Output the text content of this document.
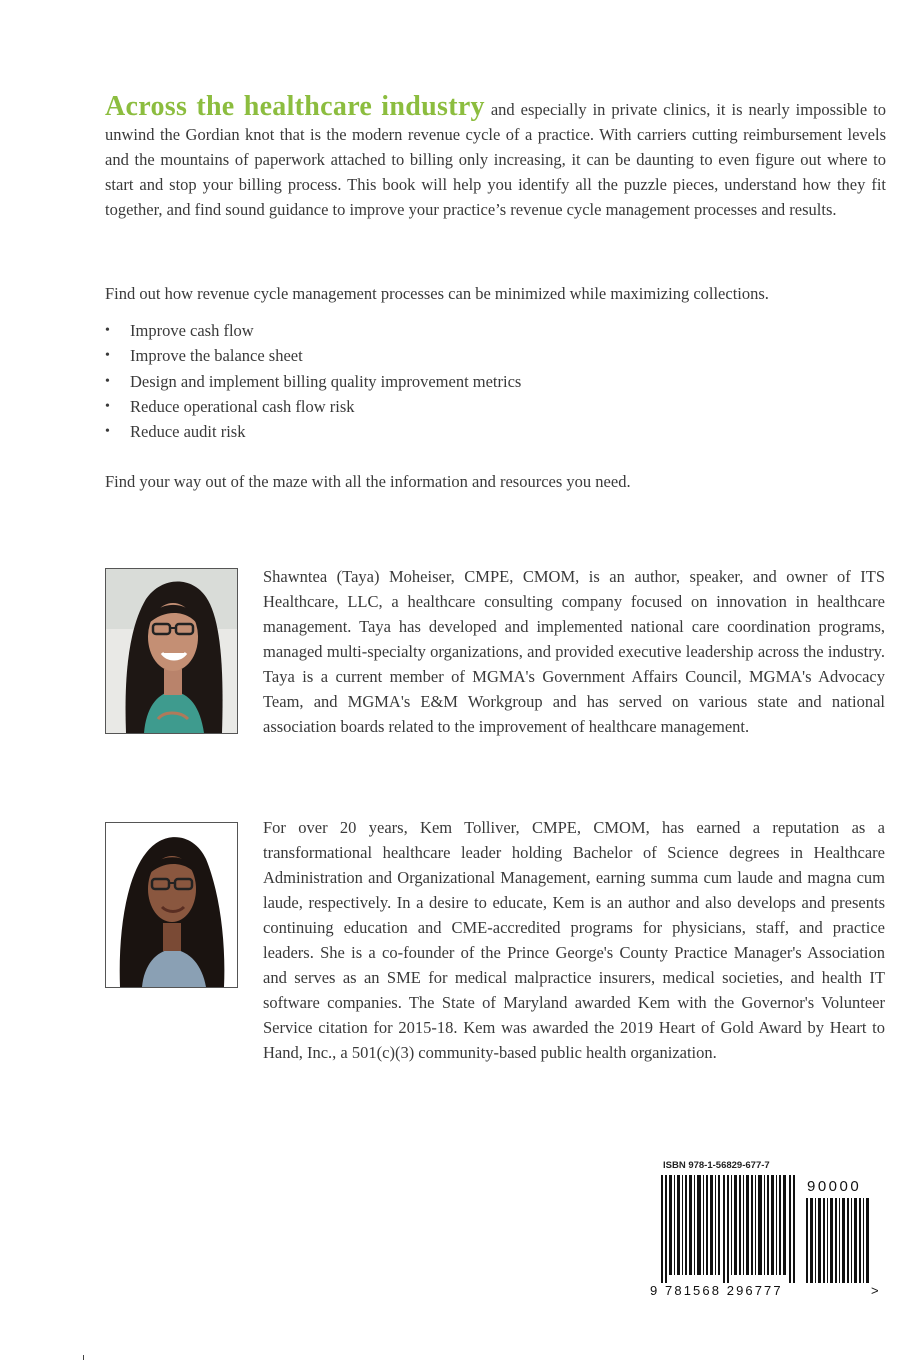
Across the healthcare industry and especially in private clinics, it is nearly impossible to unwind the Gordian knot that is the modern revenue cycle of a practice. With carriers cutting reimbursement levels and the mountains of paperwork attached to billing only increasing, it can be daunting to even figure out where to start and stop your billing process. This book will help you identify all the puzzle pieces, understand how they fit together, and find sound guidance to improve your practice’s revenue cycle management processes and results.
Find out how revenue cycle management processes can be minimized while maximizing collections.
• Improve cash flow
• Improve the balance sheet
• Design and implement billing quality improvement metrics
• Reduce operational cash flow risk
• Reduce audit risk
Find your way out of the maze with all the information and resources you need.
Shawntea (Taya) Moheiser, CMPE, CMOM, is an author, speaker, and owner of ITS Healthcare, LLC, a healthcare consulting company focused on innovation in healthcare management. Taya has developed and implemented national care coordination programs, managed multi-specialty organizations, and provided executive leadership across the industry. Taya is a current member of MGMA's Government Affairs Council, MGMA's Advocacy Team, and MGMA's E&M Workgroup and has served on various state and national association boards related to the improvement of healthcare management.
For over 20 years, Kem Tolliver, CMPE, CMOM, has earned a reputation as a transformational healthcare leader holding Bachelor of Science degrees in Healthcare Administration and Organizational Management, earning summa cum laude and magna cum laude, respectively. In a desire to educate, Kem is an author and also develops and presents continuing education and CME-accredited programs for physicians, staff, and practice leaders. She is a co-founder of the Prince George's County Practice Manager's Association and serves as an SME for medical malpractice insurers, medical societies, and health IT software companies. The State of Maryland awarded Kem with the Governor's Volunteer Service citation for 2015-18. Kem was awarded the 2019 Heart of Gold Award by Heart to Hand, Inc., a 501(c)(3) community-based public health organization.
ISBN 978-1-56829-677-7
90000
9 781568 296777	>
